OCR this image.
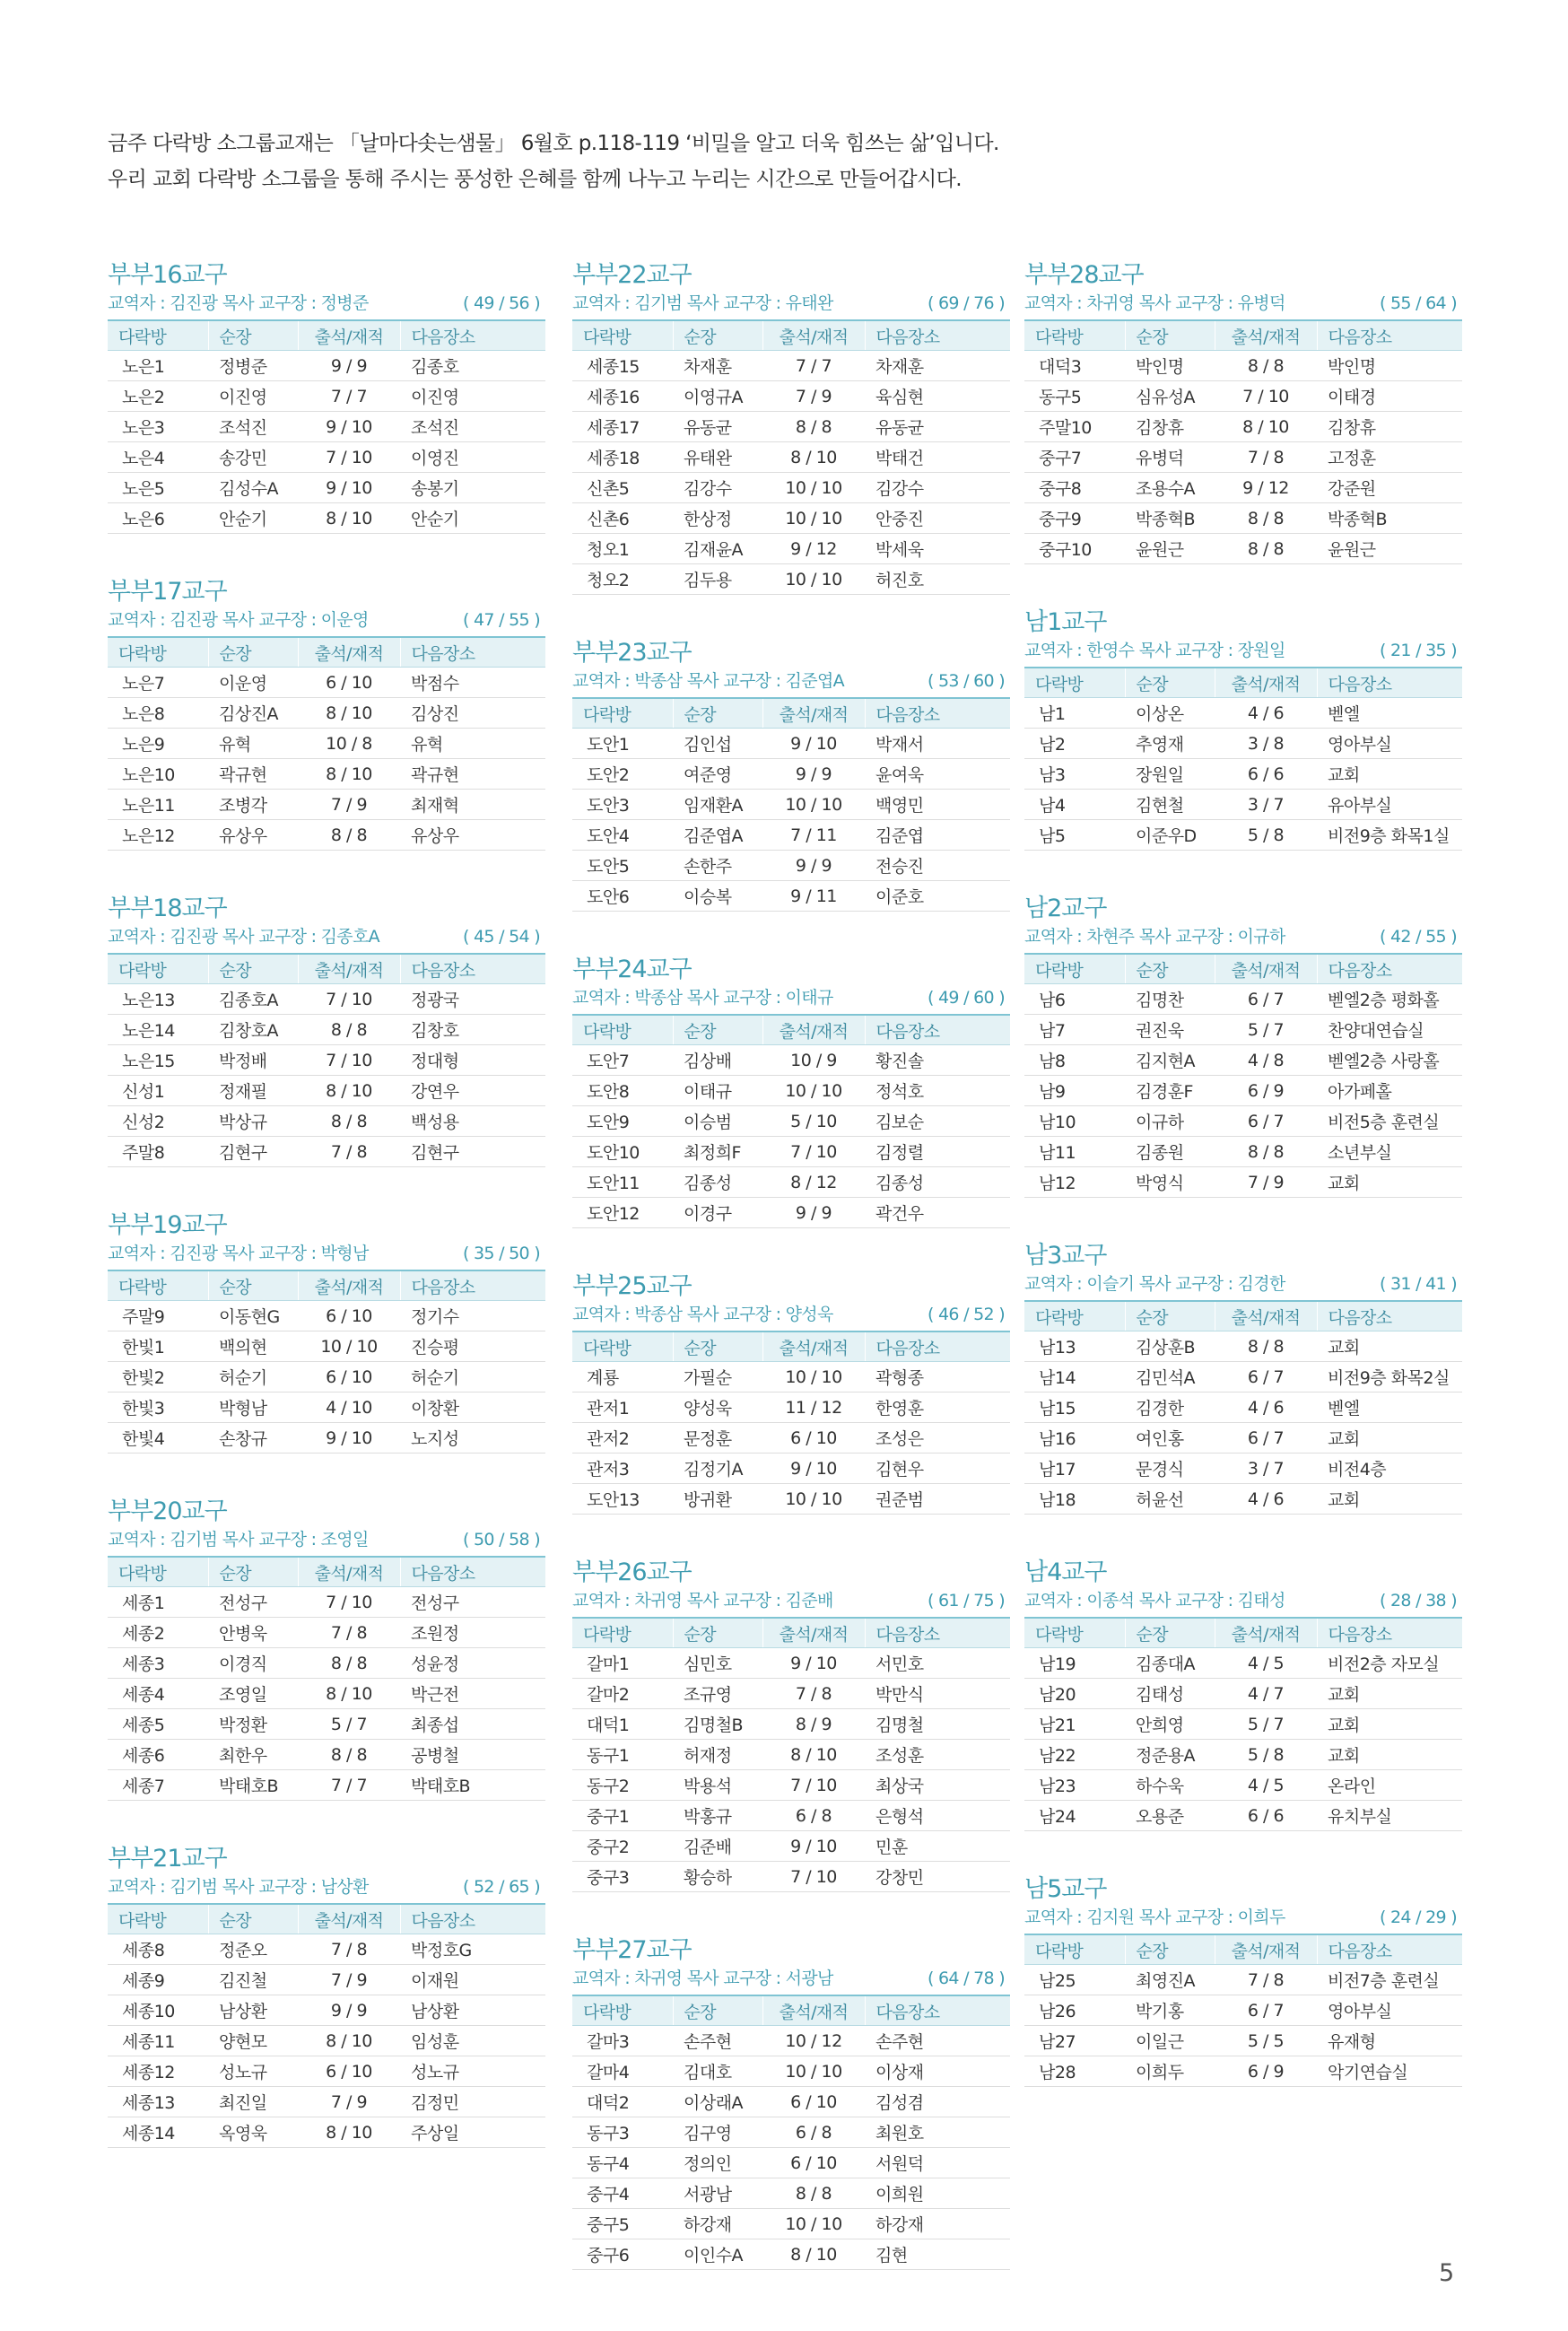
금주 다락방 소그룹교재는 「날마다솟는샘물」 6월호 p.118-119 ‘비밀을 알고 더욱 힘쓰는 삶’입니다.

우리 교회 다락방 소그룹을 통해 주시는 풍성한 은혜를 함께 나누고 누리는 시간으로 만들어갑시다.

부부16교구
교역자 : 김진광 목사 교구장 : 정병준	( 49 / 56 )
다락방	순장	출석/재적	다음장소
노은1	정병준	9 / 9	김종호
노은2	이진영	7 / 7	이진영
노은3	조석진	9 / 10	조석진
노은4	송강민	7 / 10	이영진
노은5	김성수A	9 / 10	송봉기
노은6	안순기	8 / 10	안순기
부부17교구
교역자 : 김진광 목사 교구장 : 이운영	( 47 / 55 )
다락방	순장	출석/재적	다음장소
노은7	이운영	6 / 10	박점수
노은8	김상진A	8 / 10	김상진
노은9	유혁	10 / 8	유혁
노은10	곽규현	8 / 10	곽규현
노은11	조병각	7 / 9	최재혁
노은12	유상우	8 / 8	유상우
부부18교구
교역자 : 김진광 목사 교구장 : 김종호A	( 45 / 54 )
다락방	순장	출석/재적	다음장소
노은13	김종호A	7 / 10	정광국
노은14	김창호A	8 / 8	김창호
노은15	박정배	7 / 10	정대형
신성1	정재필	8 / 10	강연우
신성2	박상규	8 / 8	백성용
주말8	김현구	7 / 8	김현구
부부19교구
교역자 : 김진광 목사 교구장 : 박형남	( 35 / 50 )
다락방	순장	출석/재적	다음장소
주말9	이동현G	6 / 10	정기수
한빛1	백의현	10 / 10	진승평
한빛2	허순기	6 / 10	허순기
한빛3	박형남	4 / 10	이창환
한빛4	손창규	9 / 10	노지성
부부20교구
교역자 : 김기범 목사 교구장 : 조영일	( 50 / 58 )
다락방	순장	출석/재적	다음장소
세종1	전성구	7 / 10	전성구
세종2	안병욱	7 / 8	조원정
세종3	이경직	8 / 8	성윤정
세종4	조영일	8 / 10	박근전
세종5	박정환	5 / 7	최종섭
세종6	최한우	8 / 8	공병철
세종7	박태호B	7 / 7	박태호B
부부21교구
교역자 : 김기범 목사 교구장 : 남상환	( 52 / 65 )
다락방	순장	출석/재적	다음장소
세종8	정준오	7 / 8	박정호G
세종9	김진철	7 / 9	이재원
세종10	남상환	9 / 9	남상환
세종11	양현모	8 / 10	임성훈
세종12	성노규	6 / 10	성노규
세종13	최진일	7 / 9	김정민
세종14	옥영욱	8 / 10	주상일
부부22교구
교역자 : 김기범 목사 교구장 : 유태완	( 69 / 76 )
다락방	순장	출석/재적	다음장소
세종15	차재훈	7 / 7	차재훈
세종16	이영규A	7 / 9	육심현
세종17	유동균	8 / 8	유동균
세종18	유태완	8 / 10	박태건
신촌5	김강수	10 / 10	김강수
신촌6	한상정	10 / 10	안중진
청오1	김재윤A	9 / 12	박세욱
청오2	김두용	10 / 10	허진호
부부23교구
교역자 : 박종삼 목사 교구장 : 김준엽A	( 53 / 60 )
다락방	순장	출석/재적	다음장소
도안1	김인섭	9 / 10	박재서
도안2	여준영	9 / 9	윤여욱
도안3	임재환A	10 / 10	백영민
도안4	김준엽A	7 / 11	김준엽
도안5	손한주	9 / 9	전승진
도안6	이승복	9 / 11	이준호
부부24교구
교역자 : 박종삼 목사 교구장 : 이태규	( 49 / 60 )
다락방	순장	출석/재적	다음장소
도안7	김상배	10 / 9	황진솔
도안8	이태규	10 / 10	정석호
도안9	이승범	5 / 10	김보순
도안10	최정희F	7 / 10	김정렬
도안11	김종성	8 / 12	김종성
도안12	이경구	9 / 9	곽건우
부부25교구
교역자 : 박종삼 목사 교구장 : 양성욱	( 46 / 52 )
다락방	순장	출석/재적	다음장소
계룡	가필순	10 / 10	곽형종
관저1	양성욱	11 / 12	한영훈
관저2	문정훈	6 / 10	조성은
관저3	김정기A	9 / 10	김현우
도안13	방귀환	10 / 10	권준범
부부26교구
교역자 : 차귀영 목사 교구장 : 김준배	( 61 / 75 )
다락방	순장	출석/재적	다음장소
갈마1	심민호	9 / 10	서민호
갈마2	조규영	7 / 8	박만식
대덕1	김명철B	8 / 9	김명철
동구1	허재정	8 / 10	조성훈
동구2	박용석	7 / 10	최상국
중구1	박홍규	6 / 8	은형석
중구2	김준배	9 / 10	민훈
중구3	황승하	7 / 10	강창민
부부27교구
교역자 : 차귀영 목사 교구장 : 서광남	( 64 / 78 )
다락방	순장	출석/재적	다음장소
갈마3	손주현	10 / 12	손주현
갈마4	김대호	10 / 10	이상재
대덕2	이상래A	6 / 10	김성겸
동구3	김구영	6 / 8	최원호
동구4	정의인	6 / 10	서원덕
중구4	서광남	8 / 8	이희원
중구5	하강재	10 / 10	하강재
중구6	이인수A	8 / 10	김현
부부28교구
교역자 : 차귀영 목사 교구장 : 유병덕	( 55 / 64 )
다락방	순장	출석/재적	다음장소
대덕3	박인명	8 / 8	박인명
동구5	심유성A	7 / 10	이태경
주말10	김창휴	8 / 10	김창휴
중구7	유병덕	7 / 8	고정훈
중구8	조용수A	9 / 12	강준원
중구9	박종혁B	8 / 8	박종혁B
중구10	윤원근	8 / 8	윤원근
남1교구
교역자 : 한영수 목사 교구장 : 장원일	( 21 / 35 )
다락방	순장	출석/재적	다음장소
남1	이상온	4 / 6	벧엘
남2	추영재	3 / 8	영아부실
남3	장원일	6 / 6	교회
남4	김현철	3 / 7	유아부실
남5	이준우D	5 / 8	비전9층 화목1실
남2교구
교역자 : 차현주 목사 교구장 : 이규하	( 42 / 55 )
다락방	순장	출석/재적	다음장소
남6	김명찬	6 / 7	벧엘2층 평화홀
남7	권진욱	5 / 7	찬양대연습실
남8	김지현A	4 / 8	벧엘2층 사랑홀
남9	김경훈F	6 / 9	아가페홀
남10	이규하	6 / 7	비전5층 훈련실
남11	김종원	8 / 8	소년부실
남12	박영식	7 / 9	교회
남3교구
교역자 : 이슬기 목사 교구장 : 김경한	( 31 / 41 )
다락방	순장	출석/재적	다음장소
남13	김상훈B	8 / 8	교회
남14	김민석A	6 / 7	비전9층 화목2실
남15	김경한	4 / 6	벧엘
남16	여인홍	6 / 7	교회
남17	문경식	3 / 7	비전4층
남18	허윤선	4 / 6	교회
남4교구
교역자 : 이종석 목사 교구장 : 김태성	( 28 / 38 )
다락방	순장	출석/재적	다음장소
남19	김종대A	4 / 5	비전2층 자모실
남20	김태성	4 / 7	교회
남21	안희영	5 / 7	교회
남22	정준용A	5 / 8	교회
남23	하수욱	4 / 5	온라인
남24	오용준	6 / 6	유치부실
남5교구
교역자 : 김지원 목사 교구장 : 이희두	( 24 / 29 )
다락방	순장	출석/재적	다음장소
남25	최영진A	7 / 8	비전7층 훈련실
남26	박기홍	6 / 7	영아부실
남27	이일근	5 / 5	유재형
남28	이희두	6 / 9	악기연습실
5
